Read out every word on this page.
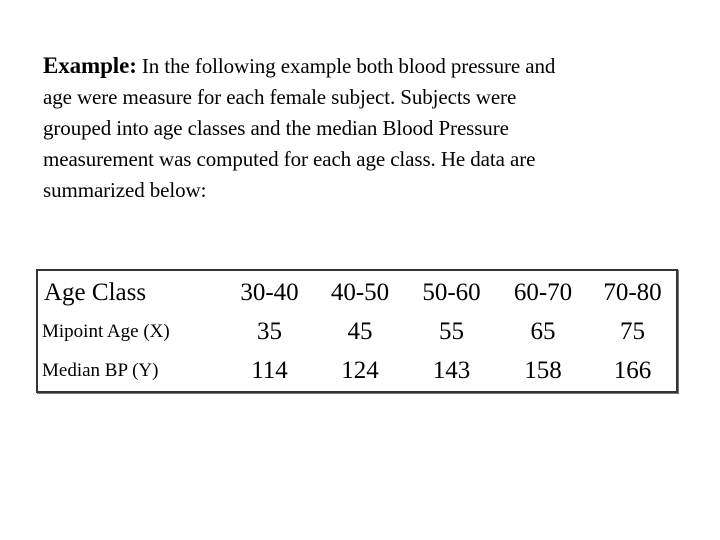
Example: In the following example both blood pressure and
age were measure for each female subject. Subjects were
grouped into age classes and the median Blood Pressure
measurement was computed for each age class. He data are
summarized below:
Age Class	30-40	40-50	50-60	60-70	70-80
Mipoint Age (X)	35	45	55	65	75
Median BP (Y)	114	124	143	158	166
